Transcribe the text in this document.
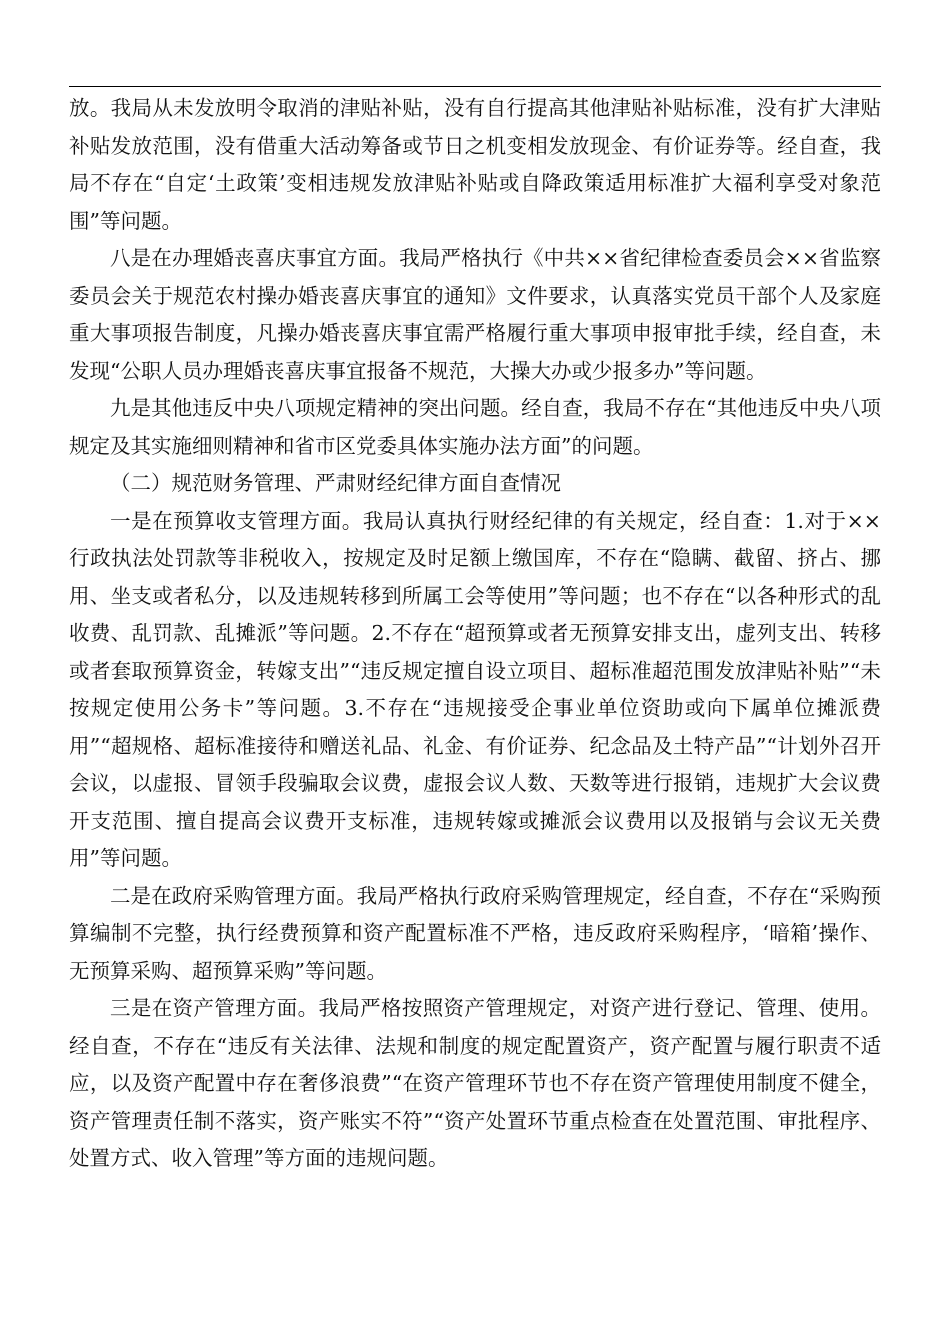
放。我局从未发放明令取消的津贴补贴，没有自行提高其他津贴补贴标准，没有扩大津贴补贴发放范围，没有借重大活动筹备或节日之机变相发放现金、有价证券等。经自查，我局不存在“自定‘土政策’变相违规发放津贴补贴或自降政策适用标准扩大福利享受对象范围”等问题。

八是在办理婚丧喜庆事宜方面。我局严格执行《中共××省纪律检查委员会××省监察委员会关于规范农村操办婚丧喜庆事宜的通知》文件要求，认真落实党员干部个人及家庭重大事项报告制度，凡操办婚丧喜庆事宜需严格履行重大事项申报审批手续，经自查，未发现“公职人员办理婚丧喜庆事宜报备不规范，大操大办或少报多办”等问题。

九是其他违反中央八项规定精神的突出问题。经自查，我局不存在“其他违反中央八项规定及其实施细则精神和省市区党委具体实施办法方面”的问题。

（二）规范财务管理、严肃财经纪律方面自查情况

一是在预算收支管理方面。我局认真执行财经纪律的有关规定，经自查：1.对于××行政执法处罚款等非税收入，按规定及时足额上缴国库，不存在“隐瞒、截留、挤占、挪用、坐支或者私分，以及违规转移到所属工会等使用”等问题；也不存在“以各种形式的乱收费、乱罚款、乱摊派”等问题。2.不存在“超预算或者无预算安排支出，虚列支出、转移或者套取预算资金，转嫁支出”“违反规定擅自设立项目、超标准超范围发放津贴补贴”“未按规定使用公务卡”等问题。3.不存在“违规接受企事业单位资助或向下属单位摊派费用”“超规格、超标准接待和赠送礼品、礼金、有价证券、纪念品及土特产品”“计划外召开会议，以虚报、冒领手段骗取会议费，虚报会议人数、天数等进行报销，违规扩大会议费开支范围、擅自提高会议费开支标准，违规转嫁或摊派会议费用以及报销与会议无关费用”等问题。

二是在政府采购管理方面。我局严格执行政府采购管理规定，经自查，不存在“采购预算编制不完整，执行经费预算和资产配置标准不严格，违反政府采购程序，‘暗箱’操作、无预算采购、超预算采购”等问题。

三是在资产管理方面。我局严格按照资产管理规定，对资产进行登记、管理、使用。经自查，不存在“违反有关法律、法规和制度的规定配置资产，资产配置与履行职责不适应，以及资产配置中存在奢侈浪费”“在资产管理环节也不存在资产管理使用制度不健全，资产管理责任制不落实，资产账实不符”“资产处置环节重点检查在处置范围、审批程序、处置方式、收入管理”等方面的违规问题。
